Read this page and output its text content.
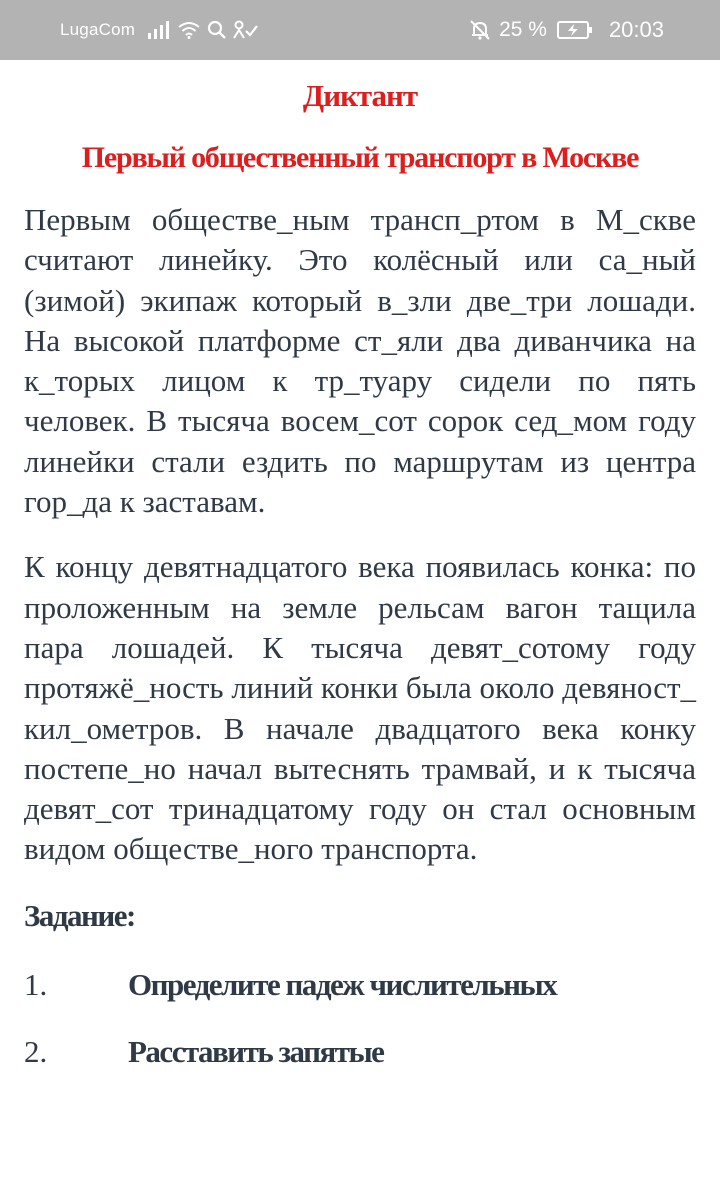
LugaCom	25 %	20:03
Диктант
Первый общественный транспорт в Москве

Первым обществе_ным трансп_ртом в М_скве считают линейку. Это колёсный или са_ный (зимой) экипаж который в_зли две_три лошади. На высокой платформе ст_яли два диванчика на к_торых лицом к тр_туару сидели по пять человек. В тысяча восем_сот сорок сед_мом году линейки стали ездить по маршрутам из центра гор_да к заставам.

К концу девятнадцатого века появилась конка: по проложенным на земле рельсам вагон тащила пара лошадей. К тысяча девят_сотому году протяжё_ность линий конки была около девяност_ кил_ометров. В начале двадцатого века конку постепе_но начал вытеснять трамвай, и к тысяча девят_сот тринадцатому году он стал основным видом обществе_ного транспорта.

Задание:
1.	Определите падеж числительных
2.	Расставить запятые
